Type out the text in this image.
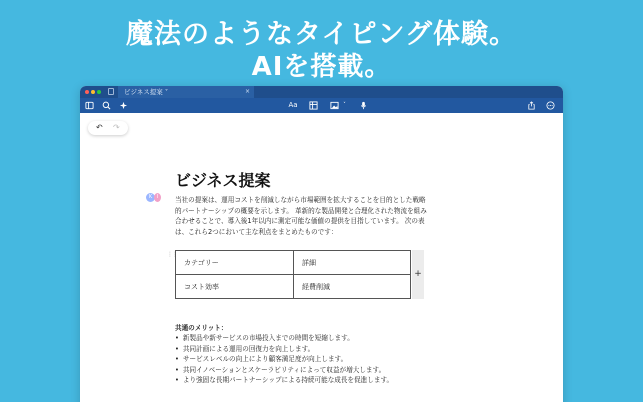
魔法のようなタイピング体験。
AIを搭載。
ビジネス提案 ˅	×
Aa	˅
↶ ↷
ビジネス提案
K I	当社の提案は、運用コストを削減しながら市場範囲を拡大することを目的とした戦略
的パートナーシップの概要を示します。 革新的な製品開発と合理化された物流を組み
合わせることで、導入後1年以内に測定可能な価値の提供を目指しています。 次の表
は、これら2つにおいて主な利点をまとめたものです：
⋮⋮
カテゴリー	詳細
コスト効率	経費削減
+
共通のメリット：
• 新製品や新サービスの市場投入までの時間を短縮します。
• 共同計画による運用の回復力を向上します。
• サービスレベルの向上により顧客満足度が向上します。
• 共同イノベーションとスケーラビリティによって収益が増大します。
• より強固な長期パートナーシップによる持続可能な成長を促進します。
